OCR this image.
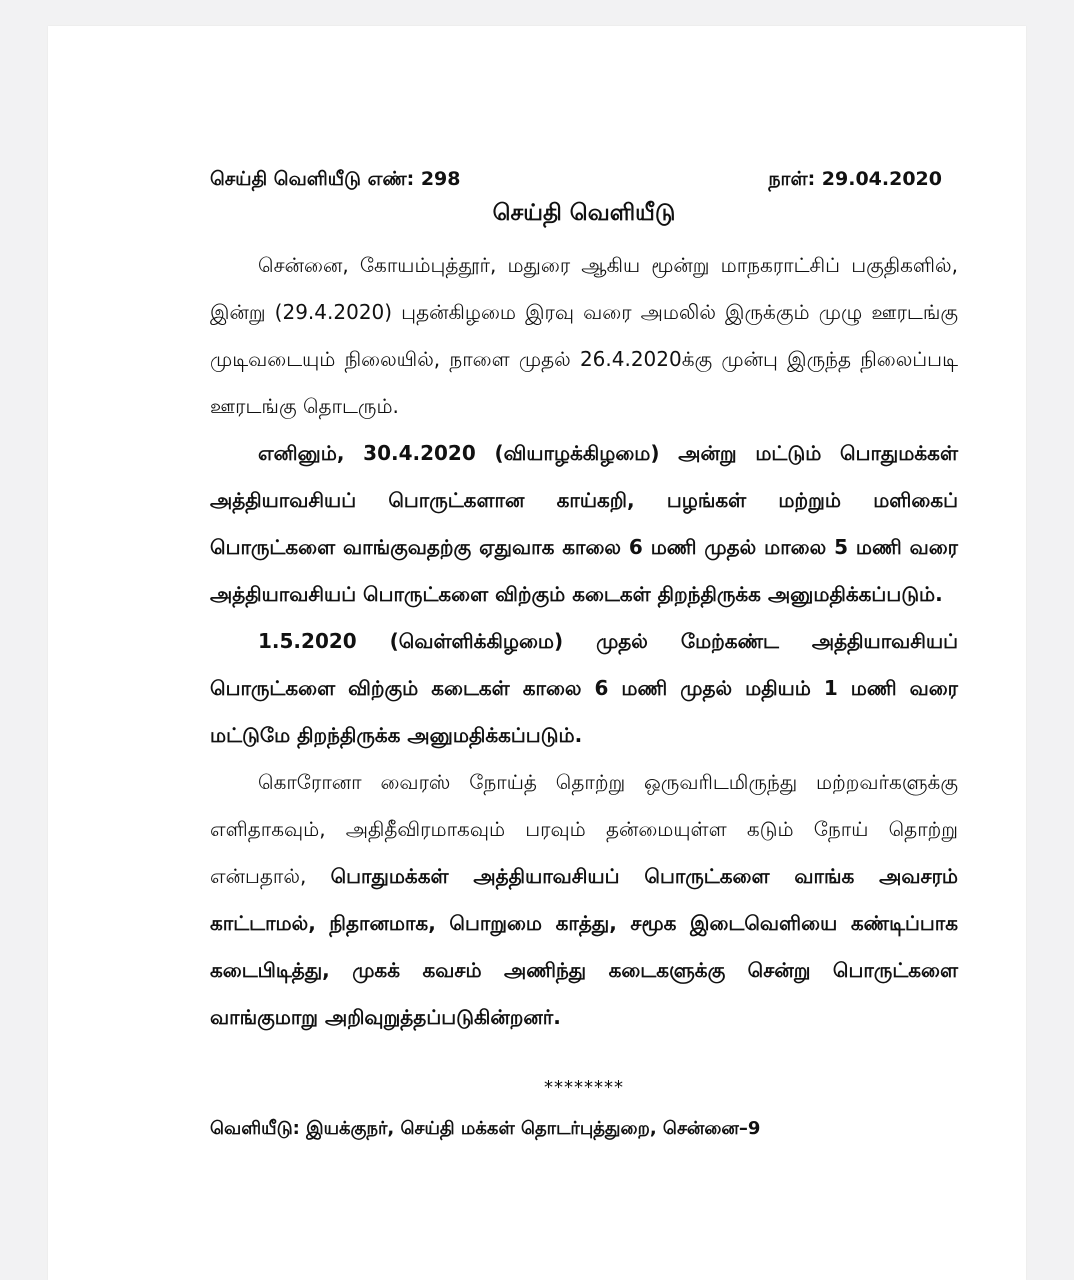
செய்தி வெளியீடு எண்: 298	நாள்: 29.04.2020
செய்தி வெளியீடு

சென்னை, கோயம்புத்தூர், மதுரை ஆகிய மூன்று மாநகராட்சிப் பகுதிகளில், இன்று (29.4.2020) புதன்கிழமை இரவு வரை அமலில் இருக்கும் முழு ஊரடங்கு முடிவடையும் நிலையில், நாளை முதல் 26.4.2020க்கு முன்பு இருந்த நிலைப்படி ஊரடங்கு தொடரும்.

எனினும், 30.4.2020 (வியாழக்கிழமை) அன்று மட்டும் பொதுமக்கள் அத்தியாவசியப் பொருட்களான காய்கறி, பழங்கள் மற்றும் மளிகைப் பொருட்களை வாங்குவதற்கு ஏதுவாக காலை 6 மணி முதல் மாலை 5 மணி வரை அத்தியாவசியப் பொருட்களை விற்கும் கடைகள் திறந்திருக்க அனுமதிக்கப்படும்.

1.5.2020 (வெள்ளிக்கிழமை) முதல் மேற்கண்ட அத்தியாவசியப் பொருட்களை விற்கும் கடைகள் காலை 6 மணி முதல் மதியம் 1 மணி வரை மட்டுமே திறந்திருக்க அனுமதிக்கப்படும்.

கொரோனா வைரஸ் நோய்த் தொற்று ஒருவரிடமிருந்து மற்றவர்களுக்கு எளிதாகவும், அதிதீவிரமாகவும் பரவும் தன்மையுள்ள கடும் நோய் தொற்று என்பதால், பொதுமக்கள் அத்தியாவசியப் பொருட்களை வாங்க அவசரம் காட்டாமல், நிதானமாக, பொறுமை காத்து, சமூக இடைவெளியை கண்டிப்பாக கடைபிடித்து, முகக் கவசம் அணிந்து கடைகளுக்கு சென்று பொருட்களை வாங்குமாறு அறிவுறுத்தப்படுகின்றனர்.

********
வெளியீடு: இயக்குநர், செய்தி மக்கள் தொடர்புத்துறை, சென்னை–9
